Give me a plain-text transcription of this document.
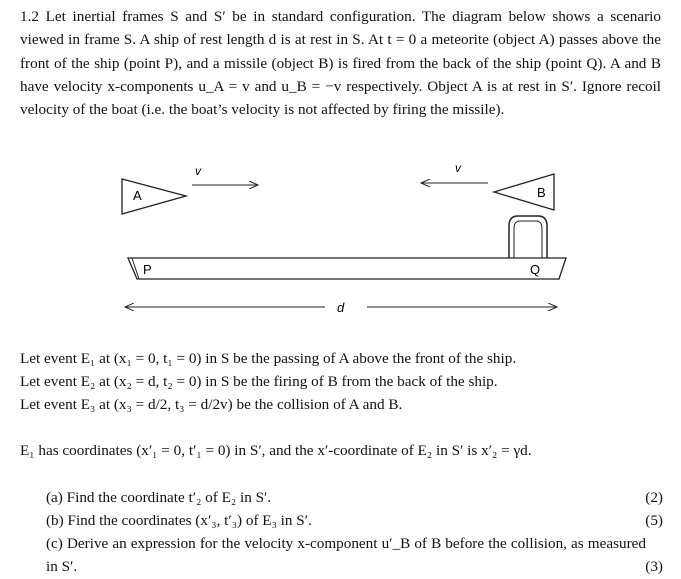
1.2 Let inertial frames S and S′ be in standard configuration. The diagram below shows a scenario viewed in frame S. A ship of rest length d is at rest in S. At t = 0 a meteorite (object A) passes above the front of the ship (point P), and a missile (object B) is fired from the back of the ship (point Q). A and B have velocity x-components u_A = v and u_B = −v respectively. Object A is at rest in S′. Ignore recoil velocity of the boat (i.e. the boat’s velocity is not affected by firing the missile).
A
v
B
v
P	Q
d
Let event E₁ at (x₁ = 0, t₁ = 0) in S be the passing of A above the front of the ship.
Let event E₂ at (x₂ = d, t₂ = 0) in S be the firing of B from the back of the ship.
Let event E₃ at (x₃ = d/2, t₃ = d/2v) be the collision of A and B.
E₁ has coordinates (x′₁ = 0, t′₁ = 0) in S′, and the x′-coordinate of E₂ in S′ is x′₂ = γd.
(a) Find the coordinate t′₂ of E₂ in S′.	(2)
(b) Find the coordinates (x′₃, t′₃) of E₃ in S′.	(5)
(c) Derive an expression for the velocity x-component u′_B of B before the collision, as measured in S′.	(3)
